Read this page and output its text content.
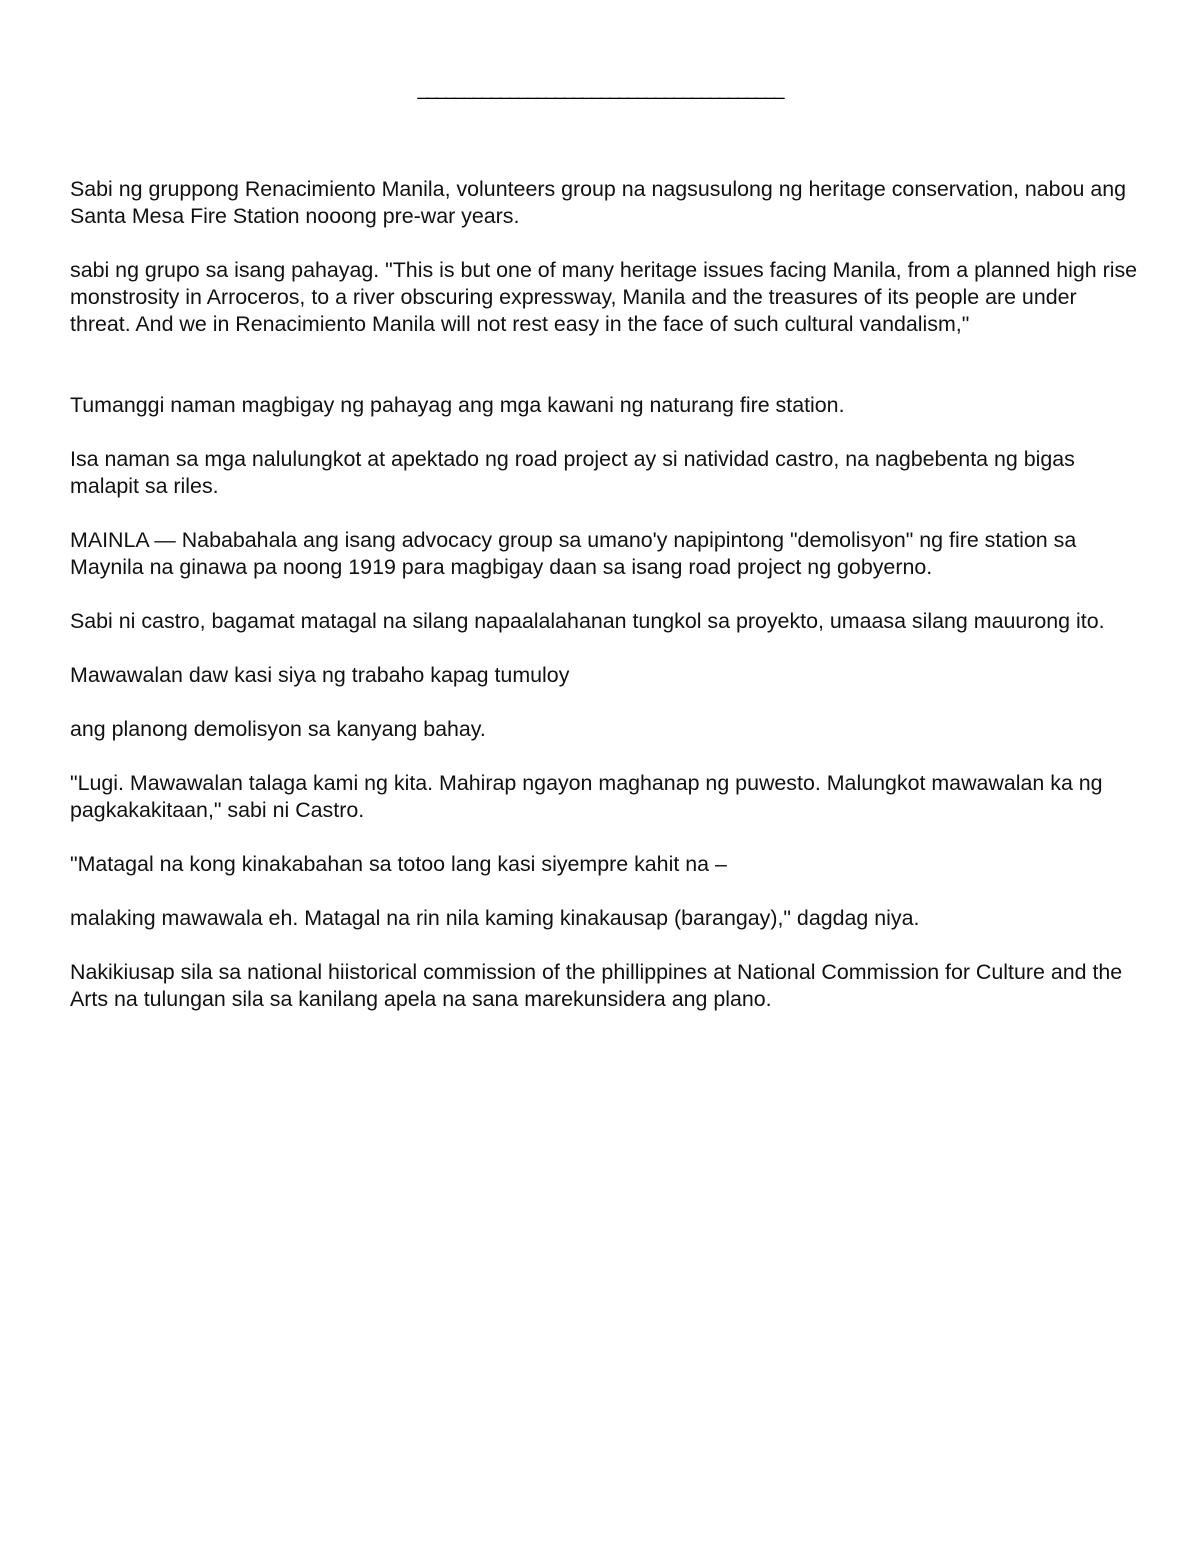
________________________________________

Sabi ng gruppong Renacimiento Manila, volunteers group na nagsusulong ng heritage conservation, nabou ang Santa Mesa Fire Station nooong pre-war years.

sabi ng grupo sa isang pahayag. "This is but one of many heritage issues facing Manila, from a planned high rise monstrosity in Arroceros, to a river obscuring expressway, Manila and the treasures of its people are under threat. And we in Renacimiento Manila will not rest easy in the face of such cultural vandalism,"

Tumanggi naman magbigay ng pahayag ang mga kawani ng naturang fire station.

Isa naman sa mga nalulungkot at apektado ng road project ay si natividad castro, na nagbebenta ng bigas malapit sa riles.

MAINLA — Nababahala ang isang advocacy group sa umano'y napipintong "demolisyon" ng fire station sa Maynila na ginawa pa noong 1919 para magbigay daan sa isang road project ng gobyerno.

Sabi ni castro, bagamat matagal na silang napaalalahanan tungkol sa proyekto, umaasa silang mauurong ito.

Mawawalan daw kasi siya ng trabaho kapag tumuloy

ang planong demolisyon sa kanyang bahay.

"Lugi. Mawawalan talaga kami ng kita. Mahirap ngayon maghanap ng puwesto. Malungkot mawawalan ka ng pagkakakitaan," sabi ni Castro.

"Matagal na kong kinakabahan sa totoo lang kasi siyempre kahit na –

malaking mawawala eh. Matagal na rin nila kaming kinakausap (barangay)," dagdag niya.

Nakikiusap sila sa national hiistorical commission of the phillippines at National Commission for Culture and the Arts na tulungan sila sa kanilang apela na sana marekunsidera ang plano.
